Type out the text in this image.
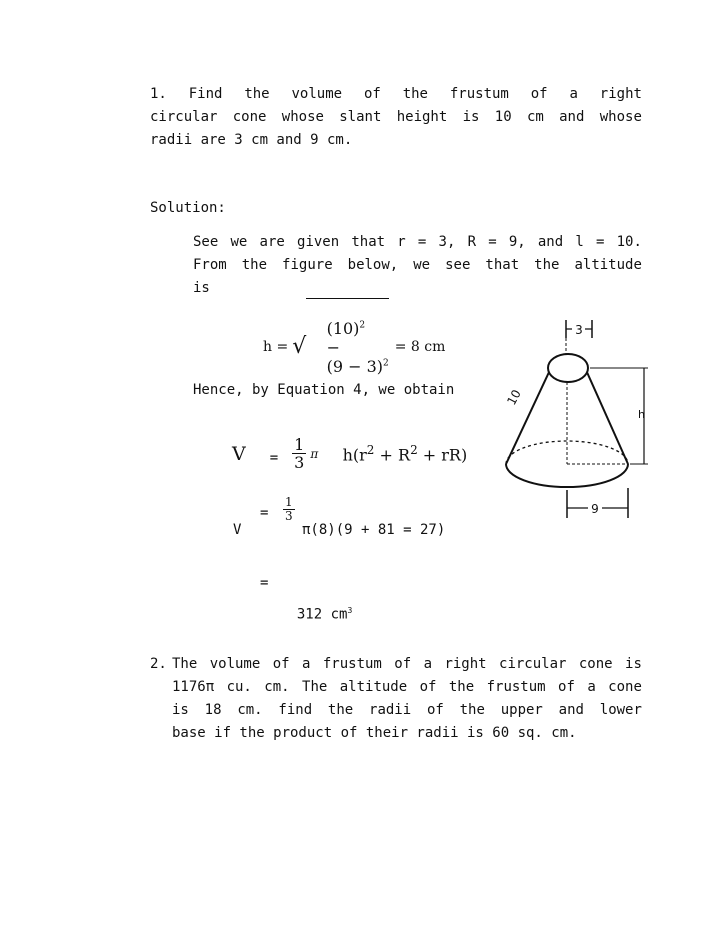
1. Find the volume of the frustum of a right
circular cone whose slant height is 10 cm and whose
radii are 3 cm and 9 cm.
Solution:
See we are given that r = 3, R = 9, and l = 10.
From the figure below, we see that the altitude
is
h = √

$(10)^2$
−
$(9 - 3)^2$

= 8 cm
Hence, by Equation 4, we obtain
$V = \frac{1}{3}$ π	$h(r^2 + R^2 + rR)$

= $\frac{1}{3}$
V	π(8)(9 + 81 = 27)
=

312 $cm^3$

3
10
h
9
2. The volume of a frustum of a right circular cone is
1176π cu. cm. The altitude of the frustum of a cone
is 18 cm. find the radii of the upper and lower
base if the product of their radii is 60 sq. cm.
